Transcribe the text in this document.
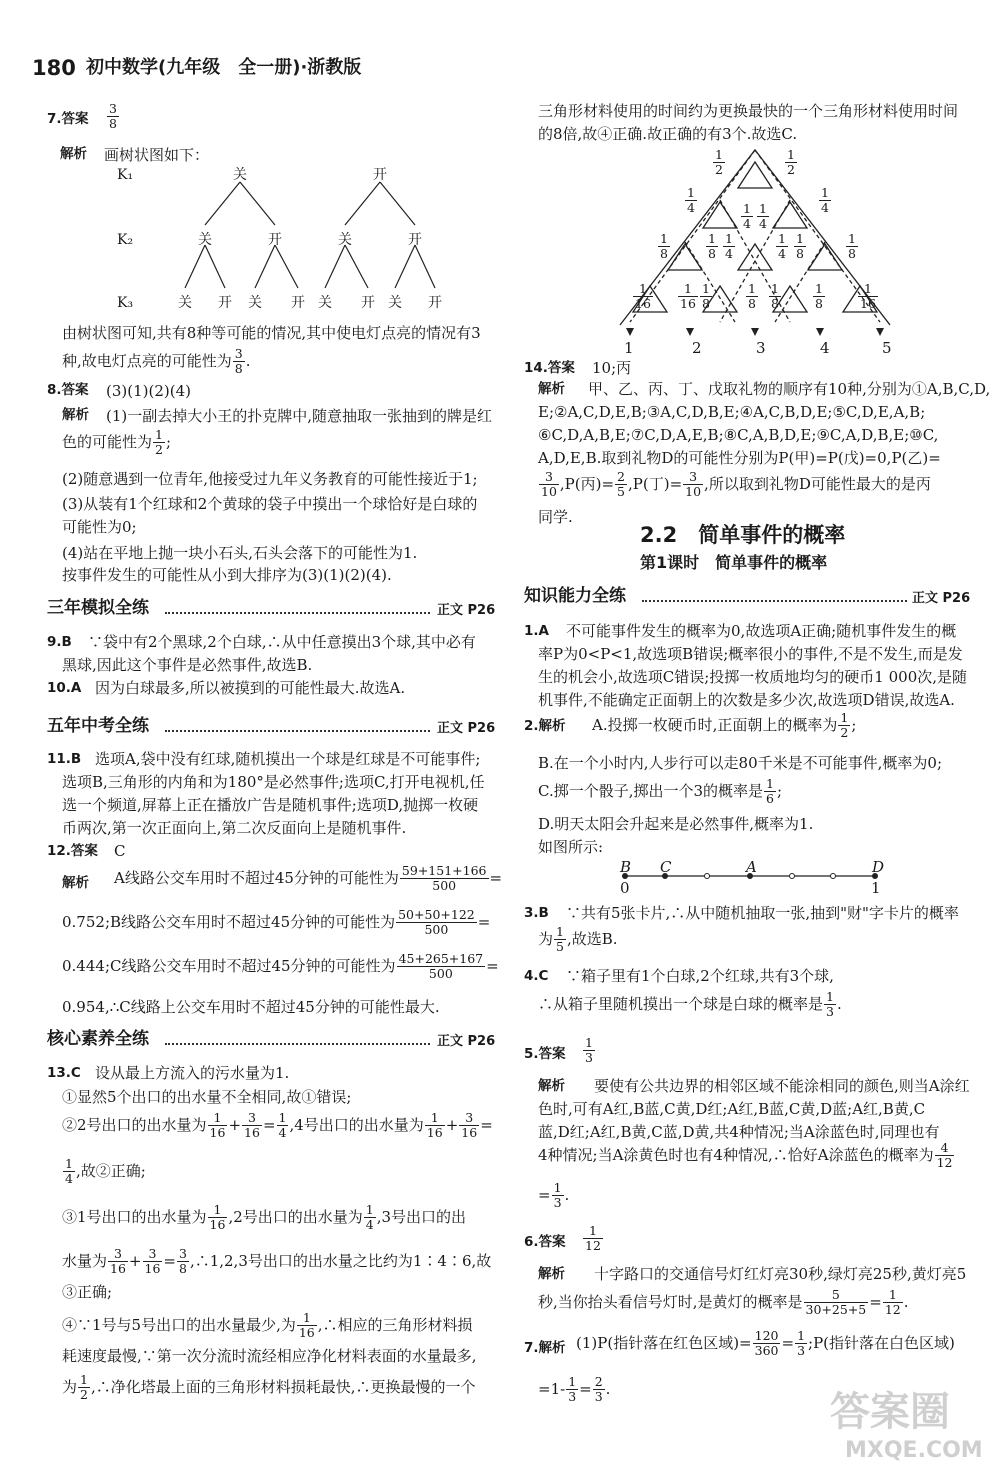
180 初中数学(九年级　全一册)·浙教版
7.答案 $\frac{3}{8}$
解析 画树状图如下：
K₁
K₂
K₃
关	开
关	开	关	开
关 开 关 开 关 开 关 开
由树状图可知,共有8种等可能的情况,其中使电灯点亮的情况有3
种,故电灯点亮的可能性为 $\frac{3}{8}$ .
8.答案 (3)(1)(2)(4)
解析 (1)一副去掉大小王的扑克牌中,随意抽取一张抽到的牌是红
色的可能性为 $\frac{1}{2}$ ;
(2)随意遇到一位青年,他接受过九年义务教育的可能性接近于1;
(3)从装有1个红球和2个黄球的袋子中摸出一个球恰好是白球的
可能性为0;
(4)站在平地上抛一块小石头,石头会落下的可能性为1.
按事件发生的可能性从小到大排序为(3)(1)(2)(4).
三年模拟全练	正文 P26
9.B ∵袋中有2个黑球,2个白球,∴从中任意摸出3个球,其中必有
黑球,因此这个事件是必然事件,故选B.
10.A 因为白球最多,所以被摸到的可能性最大.故选A.
五年中考全练	正文 P26
11.B 选项A,袋中没有红球,随机摸出一个球是红球是不可能事件;
选项B,三角形的内角和为180°是必然事件;选项C,打开电视机,任
选一个频道,屏幕上正在播放广告是随机事件;选项D,抛掷一枚硬
币两次,第一次正面向上,第二次反面向上是随机事件.
12.答案 C
解析 A线路公交车用时不超过45分钟的可能性为 $\frac{59+151+166}{500}$ =
0.752;B线路公交车用时不超过45分钟的可能性为 $\frac{50+50+122}{500}$ =
0.444;C线路公交车用时不超过45分钟的可能性为 $\frac{45+265+167}{500}$ =
0.954,∴C线路上公交车用时不超过45分钟的可能性最大.
核心素养全练	正文 P26
13.C 设从最上方流入的污水量为1.
①显然5个出口的出水量不全相同,故①错误;
②2号出口的出水量为 $\frac{1}{16} + \frac{3}{16} = \frac{1}{4} ,4$号出口的出水量为 $\frac{1}{16} + \frac{3}{16}$ =
$\frac{1}{4}$ ,故②正确;
③1号出口的出水量为 $\frac{1}{16} ,2$号出口的出水量为 $\frac{1}{4} ,3$号出口的出
水量为 $\frac{3}{16} + \frac{3}{16} = \frac{3}{8}$ ,∴1,2,3号出口的出水量之比约为1∶4∶6,故
③正确;
④∵1号与5号出口的出水量最少,为 $\frac{1}{16}$ ,∴相应的三角形材料损
耗速度最慢,∵第一次分流时流经相应净化材料表面的水量最多,
为 $\frac{1}{2}$ ,∴净化塔最上面的三角形材料损耗最快,∴更换最慢的一个
三角形材料使用的时间约为更换最快的一个三角形材料使用时间
的8倍,故④正确.故正确的有3个.故选C.
$\frac{1}{2}$	$\frac{1}{2}$
$\frac{1}{4}$
$\frac{1}{4} \frac{1}{4}$
$\frac{1}{4}$
$\frac{1}{8}$	$\frac{1}{8} \frac{1}{4}$	$\frac{1}{4} \frac{1}{8}$	$\frac{1}{8}$
$\frac{1}{16} \frac{1}{16} \frac{1}{8}$	$\frac{1}{8} \frac{1}{8}$	$\frac{1}{8}$	$\frac{1}{16}$
1	2	3	4	5
14.答案 10;丙
解析 甲、乙、丙、丁、戊取礼物的顺序有10种,分别为①A,B,C,D,
E;②A,C,D,E,B;③A,C,D,B,E;④A,C,B,D,E;⑤C,D,E,A,B;
⑥C,D,A,B,E;⑦C,D,A,E,B;⑧C,A,B,D,E;⑨C,A,D,B,E;⑩C,
A,D,E,B.取到礼物D的可能性分别为P(甲)=P(戊)=0,P(乙)=
$\frac{3}{10} ,P$(丙)= $\frac{2}{5} ,P$(丁)= $\frac{3}{10}$ ,所以取到礼物D可能性最大的是丙
同学.
2.2　简单事件的概率
第1课时　简单事件的概率
知识能力全练	正文 P26
1.A 不可能事件发生的概率为0,故选项A正确;随机事件发生的概
率P为0<P<1,故选项B错误;概率很小的事件,不是不发生,而是发
生的机会小,故选项C错误;投掷一枚质地均匀的硬币1 000次,是随
机事件,不能确定正面朝上的次数是多少次,故选项D错误,故选A.
2.解析 A.投掷一枚硬币时,正面朝上的概率为 $\frac{1}{2}$ ;
B.在一个小时内,人步行可以走80千米是不可能事件,概率为0;
C.掷一个骰子,掷出一个3的概率是 $\frac{1}{6}$ ;
D.明天太阳会升起来是必然事件,概率为1.
如图所示:
B C	A	D
0	1
3.B ∵共有5张卡片,∴从中随机抽取一张,抽到"财"字卡片的概率
为 $\frac{1}{5}$ ,故选B.
4.C ∵箱子里有1个白球,2个红球,共有3个球,
∴从箱子里随机摸出一个球是白球的概率是 $\frac{1}{3}$ .
5.答案 $\frac{1}{3}$
解析 要使有公共边界的相邻区域不能涂相同的颜色,则当A涂红
色时,可有A红,B蓝,C黄,D红;A红,B蓝,C黄,D蓝;A红,B黄,C
蓝,D红;A红,B黄,C蓝,D黄,共4种情况;当A涂蓝色时,同理也有
4种情况;当A涂黄色时也有4种情况,∴恰好A涂蓝色的概率为 $\frac{4}{12}$
= $\frac{1}{3}$ .
6.答案 $\frac{1}{12}$
解析 十字路口的交通信号灯红灯亮30秒,绿灯亮25秒,黄灯亮5
秒,当你抬头看信号灯时,是黄灯的概率是 $\frac{5}{30+25+5} = \frac{1}{12}$ .
7.解析 (1)P(指针落在红色区域)= $\frac{120}{360} = \frac{1}{3}$ ;P(指针落在白色区域)
$=1- \frac{1}{3} = \frac{2}{3}$ .
答案圈
MXQE.COM
